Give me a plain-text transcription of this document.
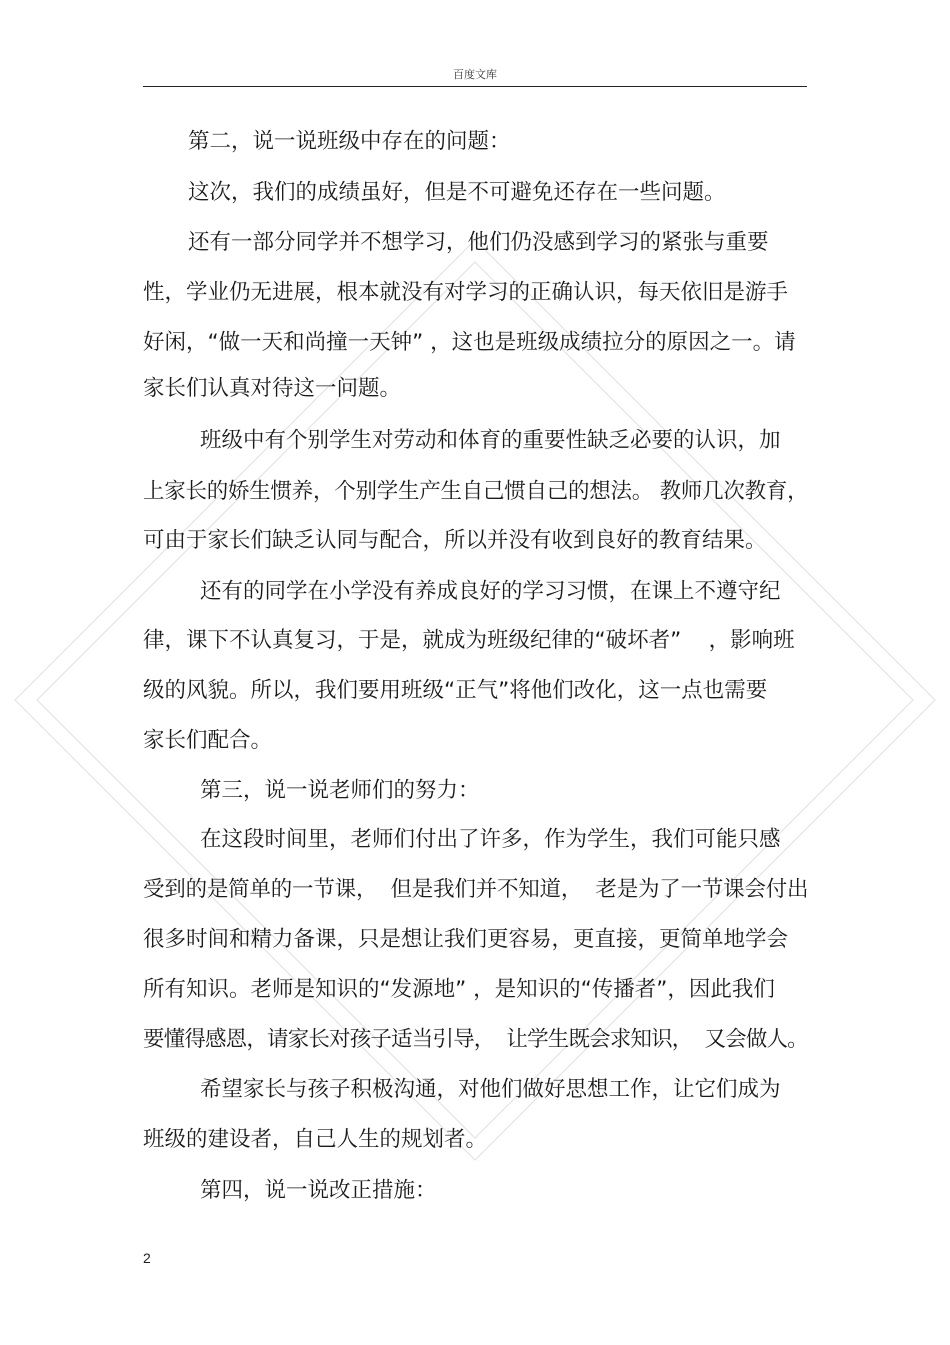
百度文库
第二，说一说班级中存在的问题：
这次，我们的成绩虽好，但是不可避免还存在一些问题。
还有一部分同学并不想学习，他们仍没感到学习的紧张与重要
性，学业仍无进展，根本就没有对学习的正确认识，每天依旧是游手
好闲，“做一天和尚撞一天钟” ，这也是班级成绩拉分的原因之一。请
家长们认真对待这一问题。
班级中有个别学生对劳动和体育的重要性缺乏必要的认识，加
上家长的娇生惯养，个别学生产生自己惯自己的想法。 教师几次教育，
可由于家长们缺乏认同与配合，所以并没有收到良好的教育结果。
还有的同学在小学没有养成良好的学习习惯，在课上不遵守纪
律，课下不认真复习，于是，就成为班级纪律的“破坏者”    ，影响班
级的风貌。所以，我们要用班级“正气”将他们改化，这一点也需要
家长们配合。
第三，说一说老师们的努力：
在这段时间里，老师们付出了许多，作为学生，我们可能只感
受到的是简单的一节课，  但是我们并不知道，  老是为了一节课会付出
很多时间和精力备课，只是想让我们更容易，更直接，更简单地学会
所有知识。老师是知识的“发源地” ，是知识的“传播者”，因此我们
要懂得感恩，请家长对孩子适当引导，  让学生既会求知识，  又会做人。
希望家长与孩子积极沟通，对他们做好思想工作，让它们成为
班级的建设者，自己人生的规划者。
第四，说一说改正措施：
2
